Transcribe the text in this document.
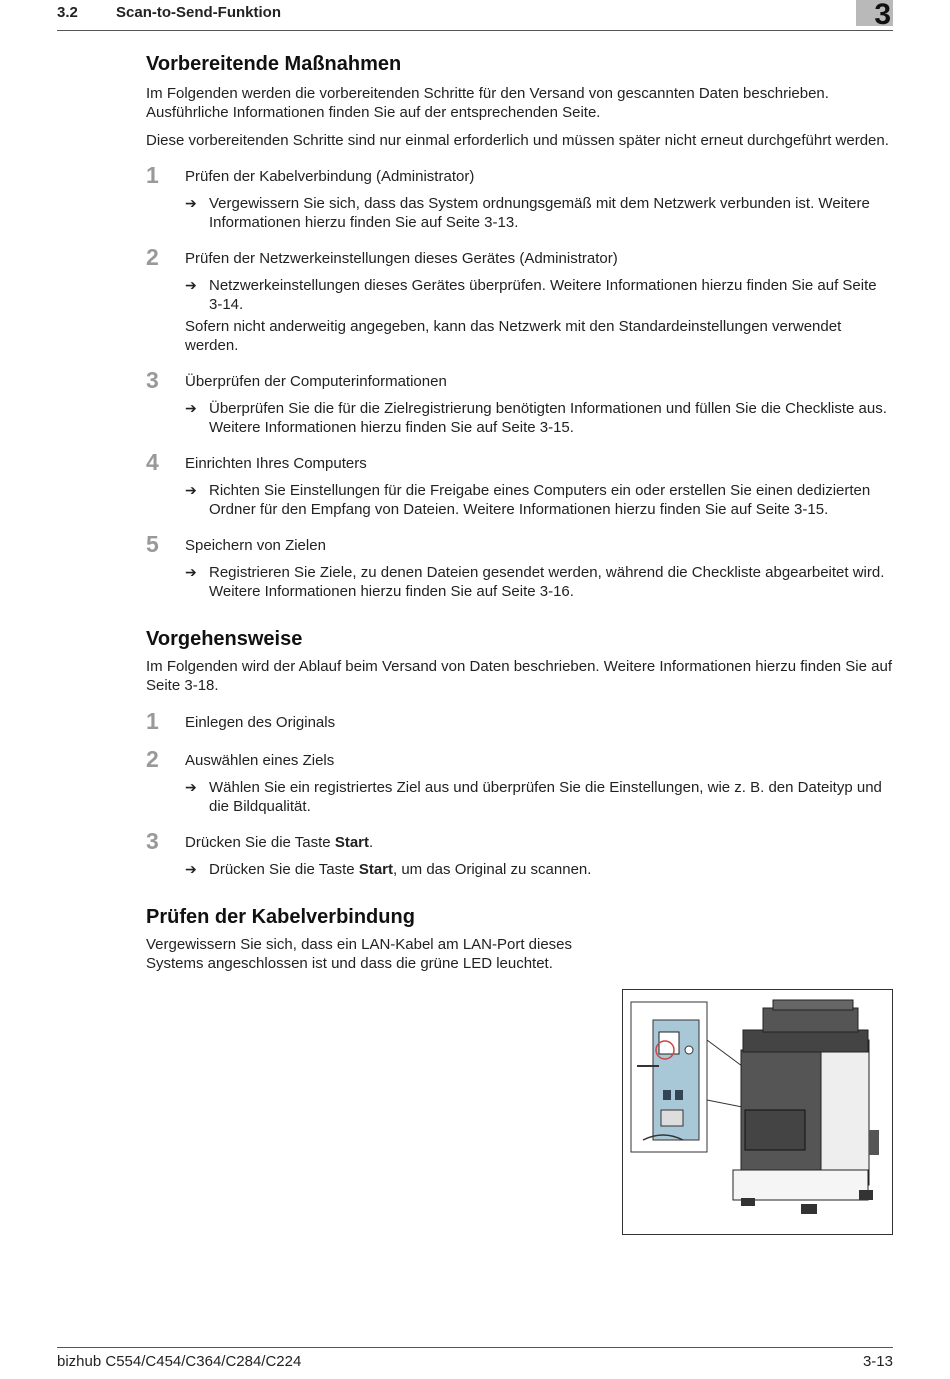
3.2	Scan-to-Send-Funktion	3
Vorbereitende Maßnahmen

Im Folgenden werden die vorbereitenden Schritte für den Versand von gescannten Daten beschrieben. Ausführliche Informationen finden Sie auf der entsprechenden Seite.

Diese vorbereitenden Schritte sind nur einmal erforderlich und müssen später nicht erneut durchgeführt werden.

1 Prüfen der Kabelverbindung (Administrator)
➔ Vergewissern Sie sich, dass das System ordnungsgemäß mit dem Netzwerk verbunden ist. Weitere Informationen hierzu finden Sie auf Seite 3-13.
2 Prüfen der Netzwerkeinstellungen dieses Gerätes (Administrator)
➔ Netzwerkeinstellungen dieses Gerätes überprüfen. Weitere Informationen hierzu finden Sie auf Seite 3-14.
Sofern nicht anderweitig angegeben, kann das Netzwerk mit den Standardeinstellungen verwendet werden.
3 Überprüfen der Computerinformationen
➔ Überprüfen Sie die für die Zielregistrierung benötigten Informationen und füllen Sie die Checkliste aus. Weitere Informationen hierzu finden Sie auf Seite 3-15.
4 Einrichten Ihres Computers
➔ Richten Sie Einstellungen für die Freigabe eines Computers ein oder erstellen Sie einen dedizierten Ordner für den Empfang von Dateien. Weitere Informationen hierzu finden Sie auf Seite 3-15.
5 Speichern von Zielen
➔ Registrieren Sie Ziele, zu denen Dateien gesendet werden, während die Checkliste abgearbeitet wird. Weitere Informationen hierzu finden Sie auf Seite 3-16.
Vorgehensweise

Im Folgenden wird der Ablauf beim Versand von Daten beschrieben. Weitere Informationen hierzu finden Sie auf Seite 3-18.

1 Einlegen des Originals
2 Auswählen eines Ziels
➔ Wählen Sie ein registriertes Ziel aus und überprüfen Sie die Einstellungen, wie z. B. den Dateityp und die Bildqualität.
3 Drücken Sie die Taste Start.
➔ Drücken Sie die Taste Start, um das Original zu scannen.
Prüfen der Kabelverbindung

Vergewissern Sie sich, dass ein LAN-Kabel am LAN-Port dieses Systems angeschlossen ist und dass die grüne LED leuchtet.

bizhub C554/C454/C364/C284/C224	3-13
